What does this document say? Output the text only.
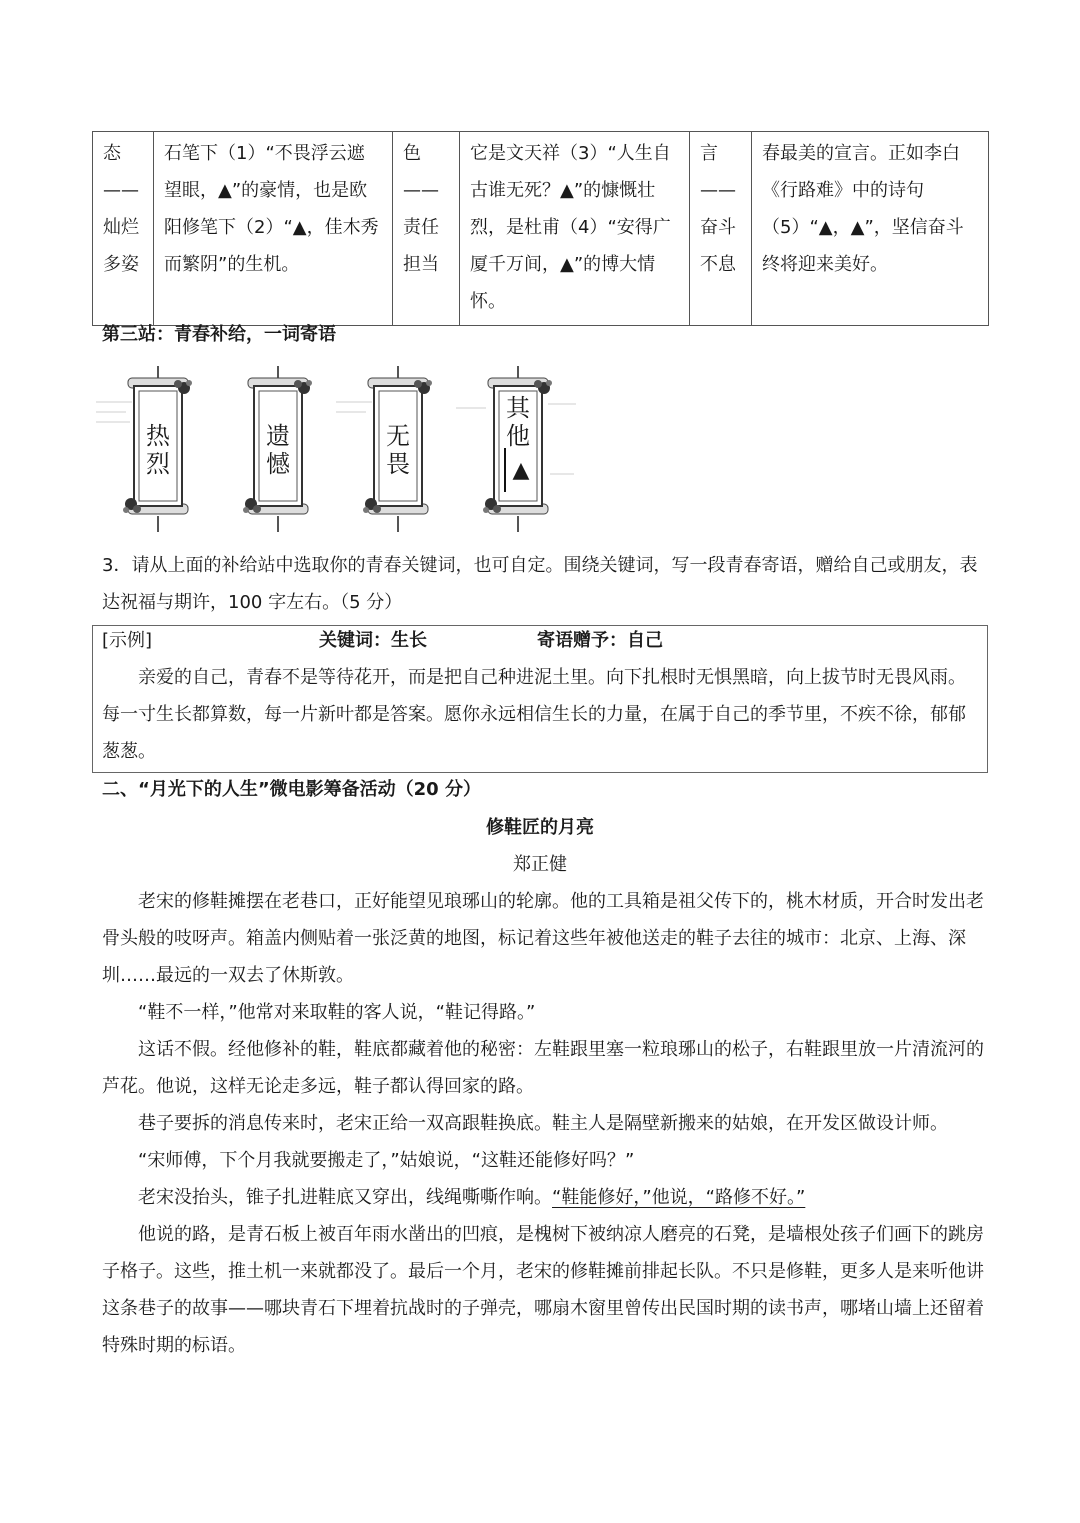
态——灿烂多姿	石笔下（1）“不畏浮云遮望眼，▲”的豪情，也是欧阳修笔下（2）“▲，佳木秀而繁阴”的生机。	色——责任担当	它是文天祥（3）“人生自古谁无死？▲”的慷慨壮烈，是杜甫（4）“安得广厦千万间，▲”的博大情怀。	言——奋斗不息	春最美的宣言。正如李白《行路难》中的诗句（5）“▲，▲”，坚信奋斗终将迎来美好。
第三站：青春补给，一词寄语
热烈
遗憾
无畏
其他
▲
3．请从上面的补给站中选取你的青春关键词，也可自定。围绕关键词，写一段青春寄语，赠给自己或朋友，表达祝福与期许，100 字左右。（5 分）
[示例]	关键词：生长	寄语赠予：自己
亲爱的自己，青春不是等待花开，而是把自己种进泥土里。向下扎根时无惧黑暗，向上拔节时无畏风雨。每一寸生长都算数，每一片新叶都是答案。愿你永远相信生长的力量，在属于自己的季节里，不疾不徐，郁郁葱葱。
二、“月光下的人生”微电影筹备活动（20 分）
修鞋匠的月亮
郑正健
老宋的修鞋摊摆在老巷口，正好能望见琅琊山的轮廓。他的工具箱是祖父传下的，桃木材质，开合时发出老骨头般的吱呀声。箱盖内侧贴着一张泛黄的地图，标记着这些年被他送走的鞋子去往的城市：北京、上海、深圳……最远的一双去了休斯敦。
“鞋不一样，”他常对来取鞋的客人说，“鞋记得路。”
这话不假。经他修补的鞋，鞋底都藏着他的秘密：左鞋跟里塞一粒琅琊山的松子，右鞋跟里放一片清流河的芦花。他说，这样无论走多远，鞋子都认得回家的路。
巷子要拆的消息传来时，老宋正给一双高跟鞋换底。鞋主人是隔壁新搬来的姑娘，在开发区做设计师。
“宋师傅，下个月我就要搬走了，”姑娘说，“这鞋还能修好吗？”
老宋没抬头，锥子扎进鞋底又穿出，线绳嘶嘶作响。“鞋能修好，”他说，“路修不好。”
他说的路，是青石板上被百年雨水凿出的凹痕，是槐树下被纳凉人磨亮的石凳，是墙根处孩子们画下的跳房子格子。这些，推土机一来就都没了。最后一个月，老宋的修鞋摊前排起长队。不只是修鞋，更多人是来听他讲这条巷子的故事——哪块青石下埋着抗战时的子弹壳，哪扇木窗里曾传出民国时期的读书声，哪堵山墙上还留着特殊时期的标语。
